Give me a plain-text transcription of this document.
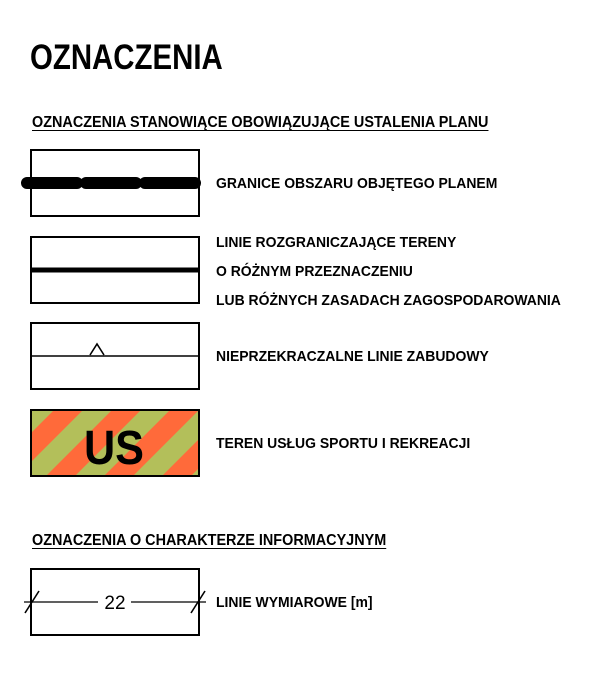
OZNACZENIA
OZNACZENIA STANOWIĄCE OBOWIĄZUJĄCE USTALENIA PLANU
GRANICE OBSZARU OBJĘTEGO PLANEM
LINIE ROZGRANICZAJĄCE TERENY
O RÓŻNYM PRZEZNACZENIU
LUB RÓŻNYCH ZASADACH ZAGOSPODAROWANIA
NIEPRZEKRACZALNE LINIE ZABUDOWY
US	TEREN USŁUG SPORTU I REKREACJI
OZNACZENIA O CHARAKTERZE INFORMACYJNYM
22	LINIE WYMIAROWE [m]
